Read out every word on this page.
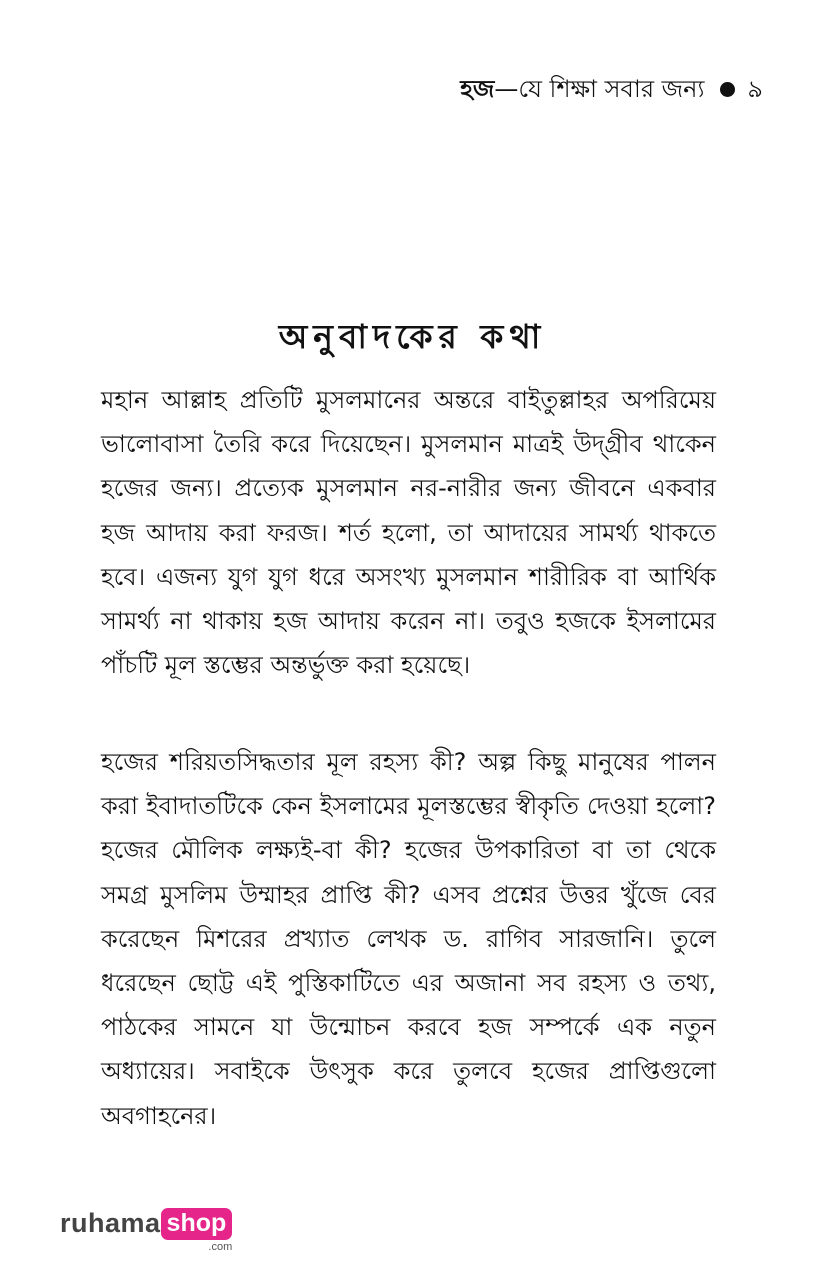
হজ —যে শিক্ষা সবার জন্য ৯
অনুবাদকের কথা

মহান আল্লাহ প্রতিটি মুসলমানের অন্তরে বাইতুল্লাহর অপরিমেয় ভালোবাসা তৈরি করে দিয়েছেন। মুসলমান মাত্রই উদ্‌গ্রীব থাকেন হজের জন্য। প্রত্যেক মুসলমান নর-নারীর জন্য জীবনে একবার হজ আদায় করা ফরজ। শর্ত হলো, তা আদায়ের সামর্থ্য থাকতে হবে। এজন্য যুগ যুগ ধরে অসংখ্য মুসলমান শারীরিক বা আর্থিক সামর্থ্য না থাকায় হজ আদায় করেন না। তবুও হজকে ইসলামের পাঁচটি মূল স্তম্ভের অন্তর্ভুক্ত করা হয়েছে।

হজের শরিয়তসিদ্ধতার মূল রহস্য কী? অল্প কিছু মানুষের পালন করা ইবাদাতটিকে কেন ইসলামের মূলস্তম্ভের স্বীকৃতি দেওয়া হলো? হজের মৌলিক লক্ষ্যই-বা কী? হজের উপকারিতা বা তা থেকে সমগ্র মুসলিম উম্মাহর প্রাপ্তি কী? এসব প্রশ্নের উত্তর খুঁজে বের করেছেন মিশরের প্রখ্যাত লেখক ড. রাগিব সারজানি। তুলে ধরেছেন ছোট্ট এই পুস্তিকাটিতে এর অজানা সব রহস্য ও তথ্য, পাঠকের সামনে যা উন্মোচন করবে হজ সম্পর্কে এক নতুন অধ্যায়ের। সবাইকে উৎসুক করে তুলবে হজের প্রাপ্তিগুলো অবগাহনের।

ruhama shop
.com
